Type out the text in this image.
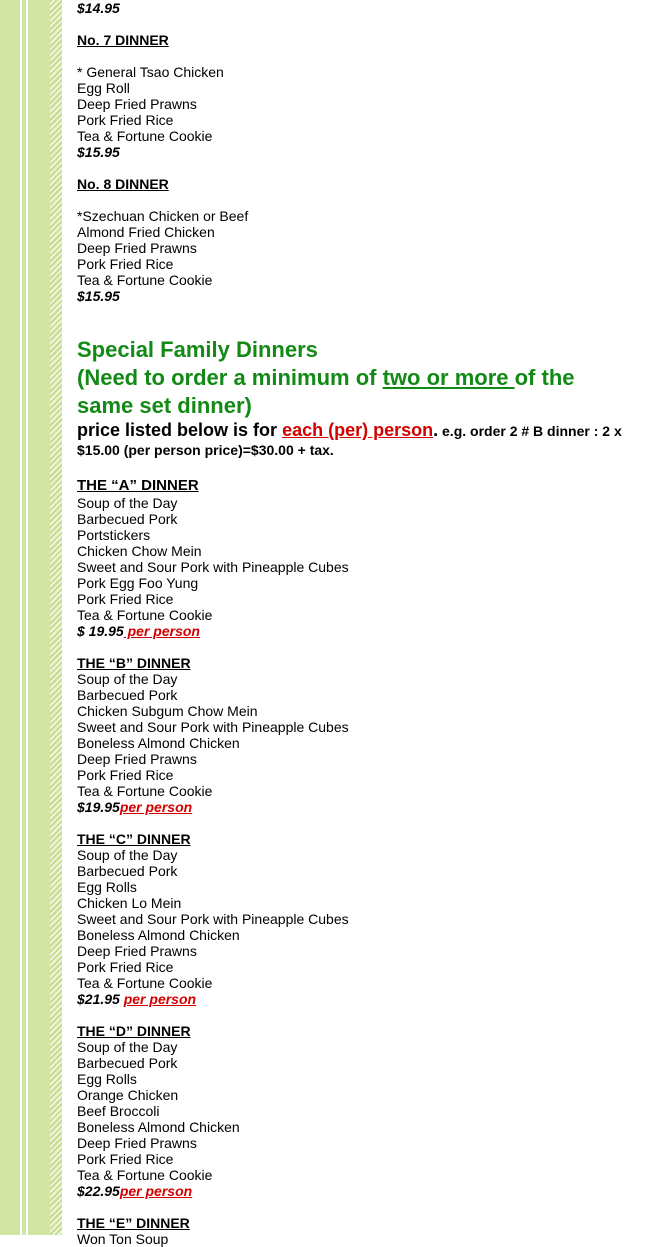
$14.95
No. 7 DINNER
* General Tsao Chicken
Egg Roll
Deep Fried Prawns
Pork Fried Rice
Tea & Fortune Cookie
$15.95
No. 8 DINNER
*Szechuan Chicken or Beef
Almond Fried Chicken
Deep Fried Prawns
Pork Fried Rice
Tea & Fortune Cookie
$15.95
Special Family Dinners
(Need to order a minimum of two or more of the
same set dinner)
price listed below is for each (per) person. e.g. order 2 # B dinner : 2 x
$15.00 (per person price)=$30.00 + tax.
THE “A” DINNER
Soup of the Day
Barbecued Pork
Portstickers
Chicken Chow Mein
Sweet and Sour Pork with Pineapple Cubes
Pork Egg Foo Yung
Pork Fried Rice
Tea & Fortune Cookie
$ 19.95 per person
THE “B” DINNER
Soup of the Day
Barbecued Pork
Chicken Subgum Chow Mein
Sweet and Sour Pork with Pineapple Cubes
Boneless Almond Chicken
Deep Fried Prawns
Pork Fried Rice
Tea & Fortune Cookie
$19.95per person
THE “C” DINNER
Soup of the Day
Barbecued Pork
Egg Rolls
Chicken Lo Mein
Sweet and Sour Pork with Pineapple Cubes
Boneless Almond Chicken
Deep Fried Prawns
Pork Fried Rice
Tea & Fortune Cookie
$21.95 per person
THE “D” DINNER
Soup of the Day
Barbecued Pork
Egg Rolls
Orange Chicken
Beef Broccoli
Boneless Almond Chicken
Deep Fried Prawns
Pork Fried Rice
Tea & Fortune Cookie
$22.95per person
THE “E” DINNER
Won Ton Soup
